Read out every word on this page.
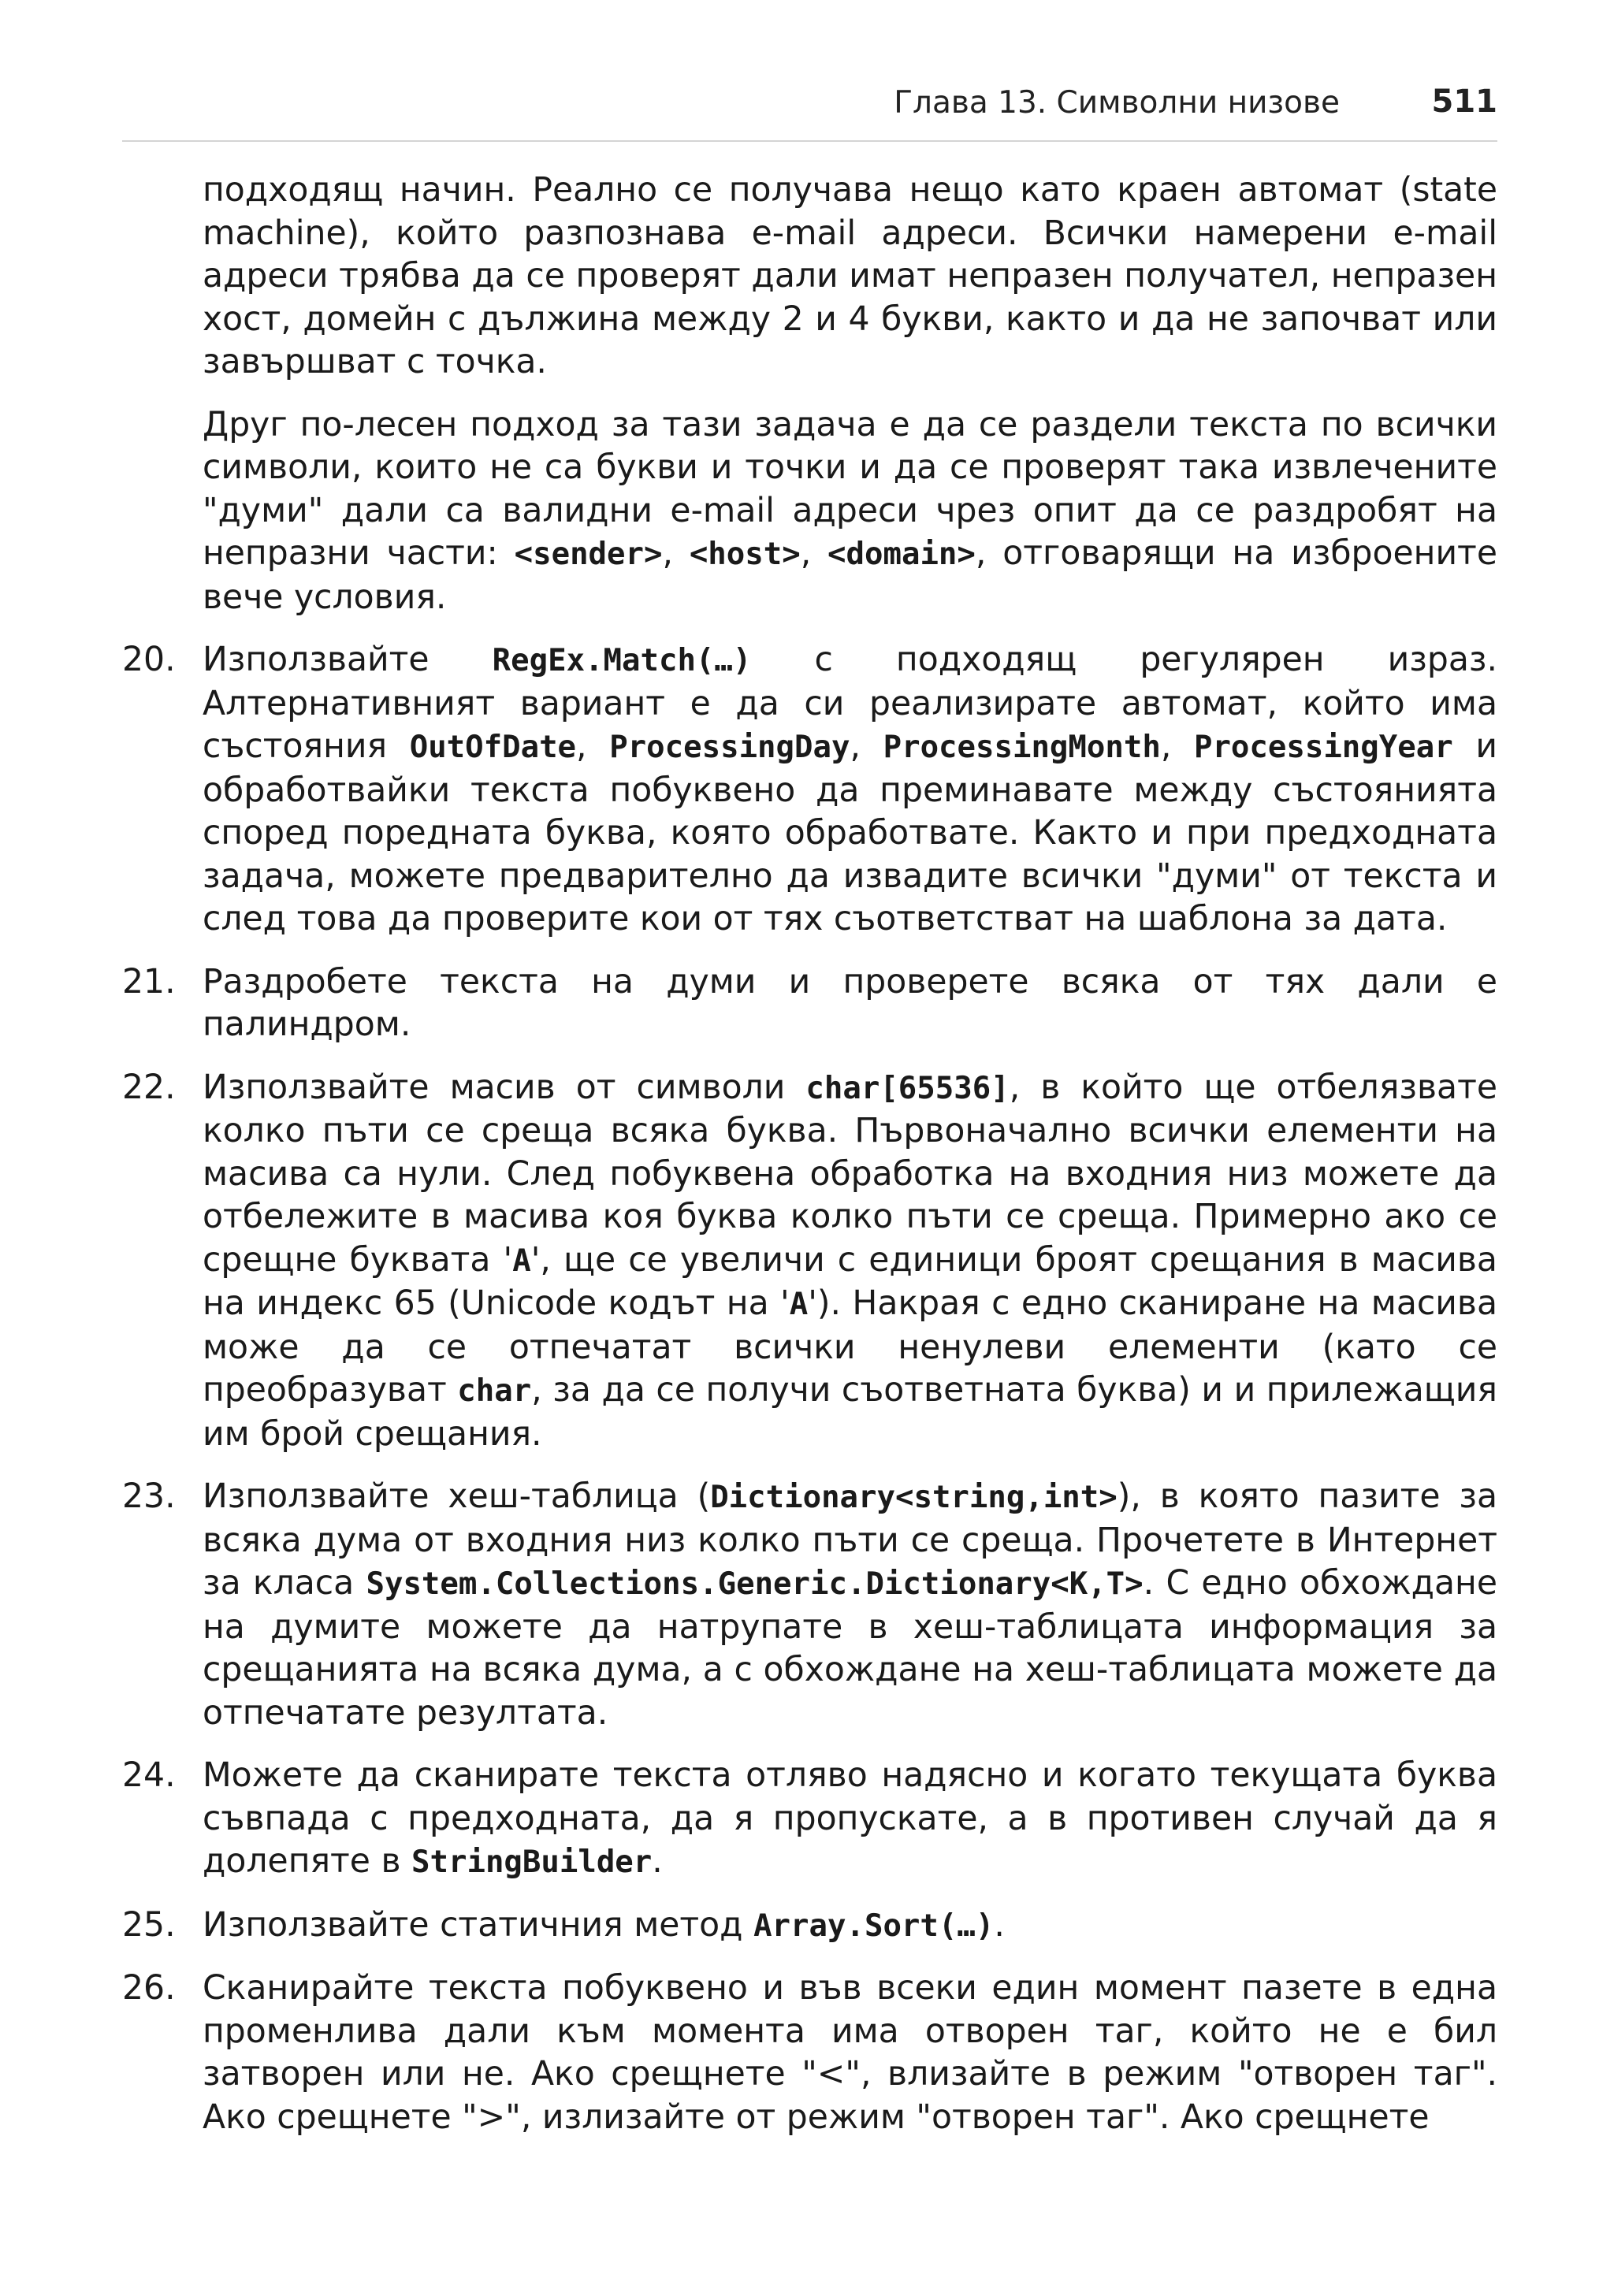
Глава 13. Символни низове	511

подходящ начин. Реално се получава нещо като краен автомат (state machine), който разпознава e-mail адреси. Всички намерени e-mail адреси трябва да се проверят дали имат непразен получател, непразен хост, домейн с дължина между 2 и 4 букви, както и да не започват или завършват с точка.

Друг по-лесен подход за тази задача е да се раздели текста по всички символи, които не са букви и точки и да се проверят така извлечените "думи" дали са валидни e-mail адреси чрез опит да се раздробят на непразни части: <sender>, <host>, <domain>, отговарящи на изброените вече условия.

20. Използвайте RegEx.Match(…) с подходящ регулярен израз. Алтернативният вариант е да си реализирате автомат, който има състояния OutOfDate, ProcessingDay, ProcessingMonth, ProcessingYear и обработвайки текста побуквено да преминавате между състоянията според поредната буква, която обработвате. Както и при предходната задача, можете предварително да извадите всички "думи" от текста и след това да проверите кои от тях съответстват на шаблона за дата.

21. Раздробете текста на думи и проверете всяка от тях дали е палиндром.

22. Използвайте масив от символи char[65536], в който ще отбелязвате колко пъти се среща всяка буква. Първоначално всички елементи на масива са нули. След побуквена обработка на входния низ можете да отбележите в масива коя буква колко пъти се среща. Примерно ако се срещне буквата 'A', ще се увеличи с единици броят срещания в масива на индекс 65 (Unicode кодът на 'A'). Накрая с едно сканиране на масива може да се отпечатат всички ненулеви елементи (като се преобразуват char, за да се получи съответната буква) и и прилежащия им брой срещания.

23. Използвайте хеш-таблица (Dictionary<string,int>), в която пазите за всяка дума от входния низ колко пъти се среща. Прочетете в Интернет за класа System.Collections.Generic.Dictionary<K,T>. С едно обхождане на думите можете да натрупате в хеш-таблицата информация за срещанията на всяка дума, а с обхождане на хеш-таблицата можете да отпечатате резултата.

24. Можете да сканирате текста отляво надясно и когато текущата буква съвпада с предходната, да я пропускате, а в противен случай да я долепяте в StringBuilder.

25. Използвайте статичния метод Array.Sort(…).

26. Сканирайте текста побуквено и във всеки един момент пазете в една променлива дали към момента има отворен таг, който не е бил затворен или не. Ако срещнете "<", влизайте в режим "отворен таг". Ако срещнете ">", излизайте от режим "отворен таг". Ако срещнете
